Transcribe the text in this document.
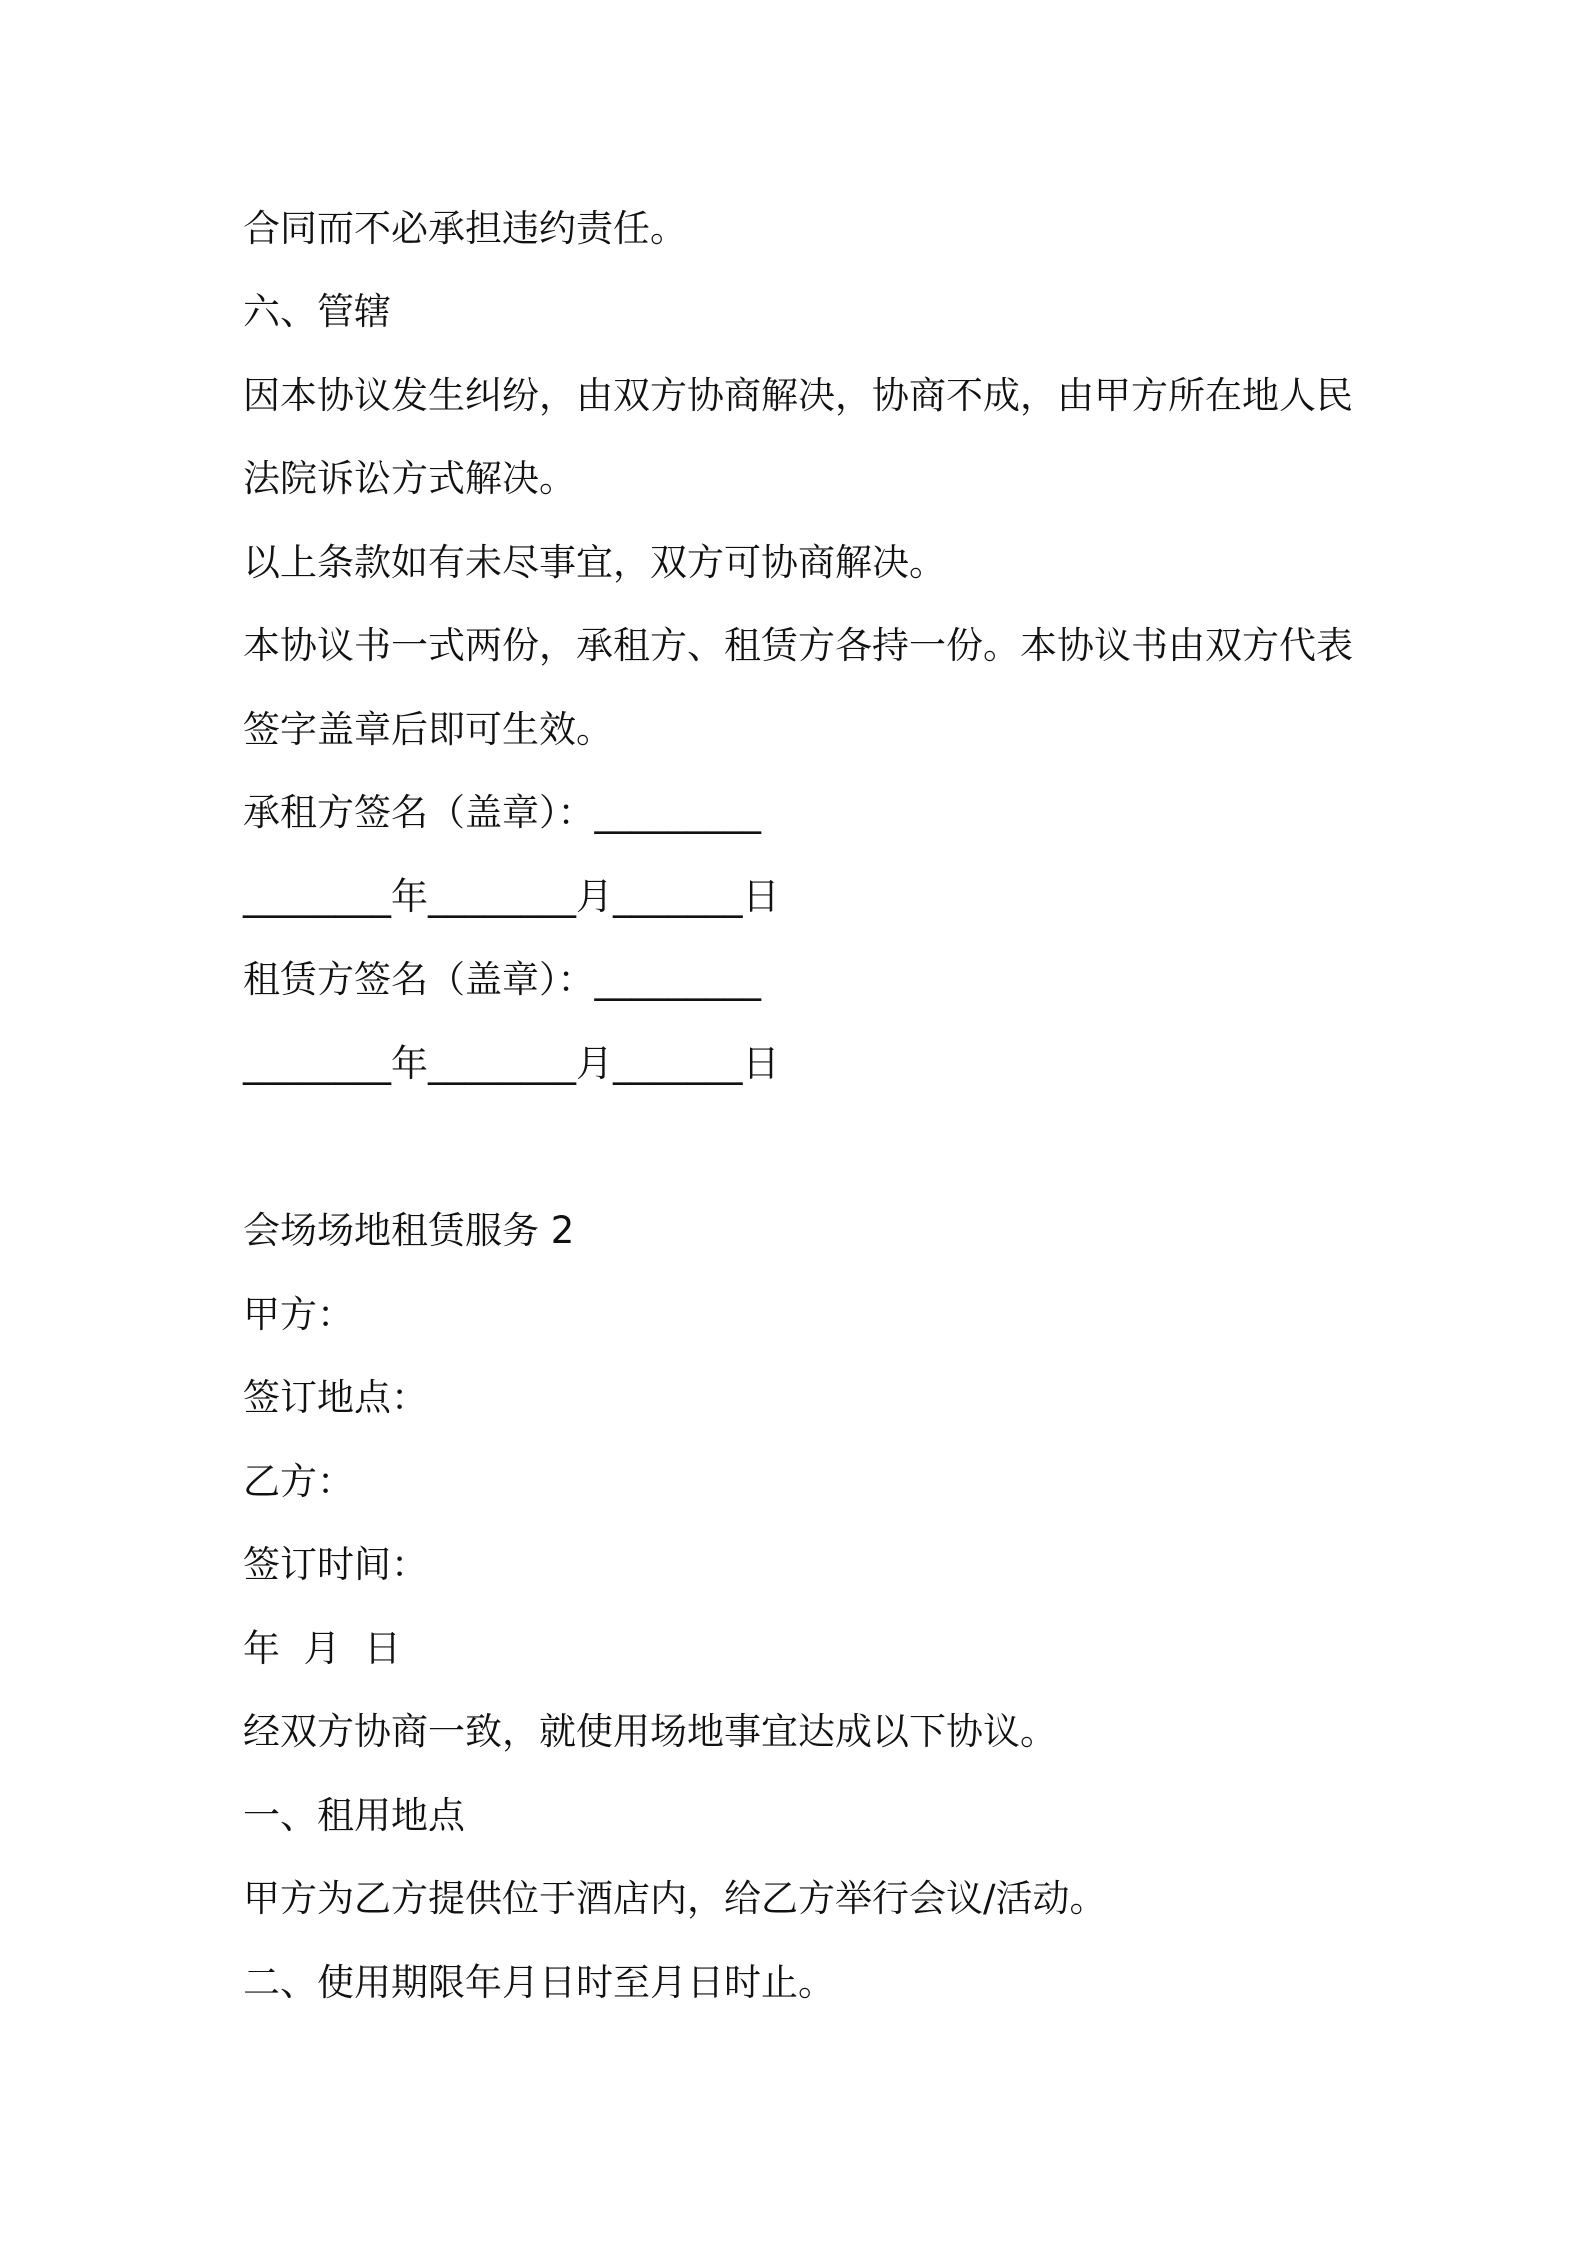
合同而不必承担违约责任。

六、管辖

因本协议发生纠纷，由双方协商解决，协商不成，由甲方所在地人民

法院诉讼方式解决。

以上条款如有未尽事宜，双方可协商解决。

本协议书一式两份，承租方、租赁方各持一份。本协议书由双方代表

签字盖章后即可生效。

承租方签名（盖章）：_________

________年________月_______日

租赁方签名（盖章）：_________

________年________月_______日

会场场地租赁服务 2

甲方：

签订地点：

乙方：

签订时间：

年  月  日

经双方协商一致，就使用场地事宜达成以下协议。

一、租用地点

甲方为乙方提供位于酒店内，给乙方举行会议/活动。

二、使用期限年月日时至月日时止。
